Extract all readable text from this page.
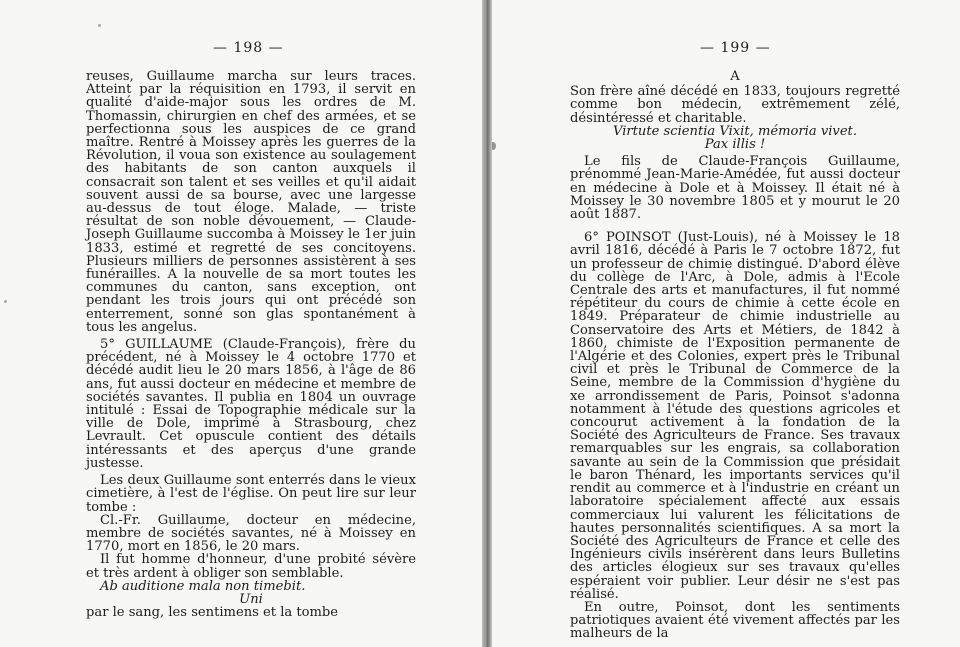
— 198 —

reuses, Guillaume marcha sur leurs traces. Atteint par la réquisition en 1793, il servit en qualité d'aide-major sous les ordres de M. Thomassin, chirurgien en chef des armées, et se perfectionna sous les auspices de ce grand maître. Rentré à Moissey après les guerres de la Révolution, il voua son existence au soulagement des habitants de son canton auxquels il consacrait son talent et ses veilles et qu'il aidait souvent aussi de sa bourse, avec une largesse au-dessus de tout éloge. Malade, — triste résultat de son noble dévouement, — Claude-Joseph Guillaume succomba à Moissey le 1er juin 1833, estimé et regretté de ses concitoyens. Plusieurs milliers de personnes assistèrent à ses funérailles. A la nouvelle de sa mort toutes les communes du canton, sans exception, ont pendant les trois jours qui ont précédé son enterrement, sonné son glas spontanément à tous les angelus.

5° GUILLAUME (Claude-François), frère du précédent, né à Moissey le 4 octobre 1770 et décédé audit lieu le 20 mars 1856, à l'âge de 86 ans, fut aussi docteur en médecine et membre de sociétés savantes. Il publia en 1804 un ouvrage intitulé : Essai de Topographie médicale sur la ville de Dole, imprimé à Strasbourg, chez Levrault. Cet opuscule contient des détails intéressants et des aperçus d'une grande justesse.

Les deux Guillaume sont enterrés dans le vieux cimetière, à l'est de l'église. On peut lire sur leur tombe :

Cl.-Fr. Guillaume, docteur en médecine, membre de sociétés savantes, né à Moissey en 1770, mort en 1856, le 20 mars.

Il fut homme d'honneur, d'une probité sévère et très ardent à obliger son semblable.

Ab auditione mala non timebit.

Uni

par le sang, les sentimens et la tombe

— 199 —

A

Son frère aîné décédé en 1833, toujours regretté comme bon médecin, extrêmement zélé, désintéressé et charitable.

Virtute scientia Vixit, mémoria vivet.

Pax illis !

Le fils de Claude-François Guillaume, prénommé Jean-Marie-Amédée, fut aussi docteur en médecine à Dole et à Moissey. Il était né à Moissey le 30 novembre 1805 et y mourut le 20 août 1887.

6° POINSOT (Just-Louis), né à Moissey le 18 avril 1816, décédé à Paris le 7 octobre 1872, fut un professeur de chimie distingué. D'abord élève du collège de l'Arc, à Dole, admis à l'Ecole Centrale des arts et manufactures, il fut nommé répétiteur du cours de chimie à cette école en 1849. Préparateur de chimie industrielle au Conservatoire des Arts et Métiers, de 1842 à 1860, chimiste de l'Exposition permanente de l'Algérie et des Colonies, expert près le Tribunal civil et près le Tribunal de Commerce de la Seine, membre de la Commission d'hygiène du xe arrondissement de Paris, Poinsot s'adonna notamment à l'étude des questions agricoles et concourut activement à la fondation de la Société des Agriculteurs de France. Ses travaux remarquables sur les engrais, sa collaboration savante au sein de la Commission que présidait le baron Thénard, les importants services qu'il rendit au commerce et à l'industrie en créant un laboratoire spécialement affecté aux essais commerciaux lui valurent les félicitations de hautes personnalités scientifiques. A sa mort la Société des Agriculteurs de France et celle des Ingénieurs civils insérèrent dans leurs Bulletins des articles élogieux sur ses travaux qu'elles espéraient voir publier. Leur désir ne s'est pas réalisé.

En outre, Poinsot, dont les sentiments patriotiques avaient été vivement affectés par les malheurs de la
